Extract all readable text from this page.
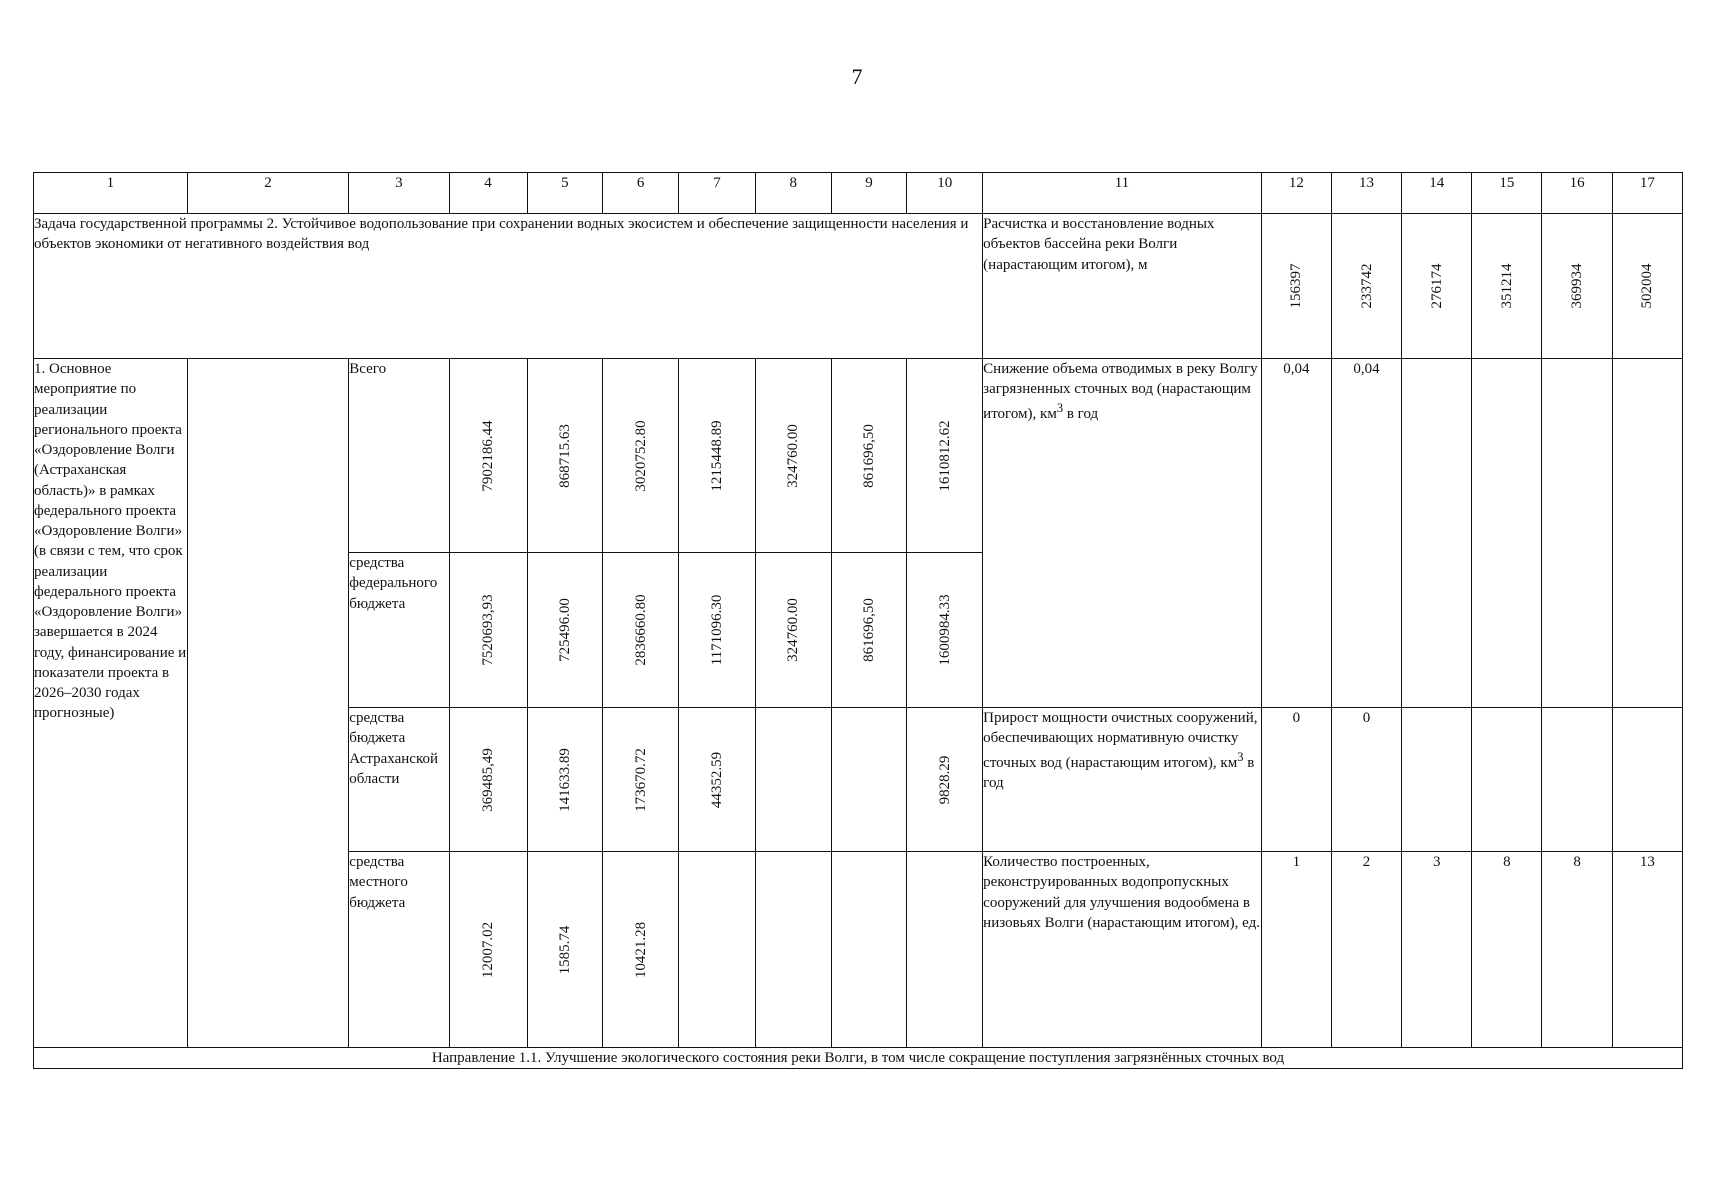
7
1	2	3	4	5	6	7	8	9	10	11	12	13	14	15	16	17
Задача государственной программы 2. Устойчивое водопользование при сохранении водных экосистем и обеспечение защищенности населения и объектов экономики от негативного воздействия вод										Расчистка и восстановление водных объектов бассейна реки Волги (нарастающим итогом), м	156397	233742	276174	351214	369934	502004

1. Основное мероприятие по реализации регионального проекта «Оздоровление Волги (Астраханская область)» в рамках федерального проекта «Оздоровление Волги» (в связи с тем, что срок реализации федерального проекта «Оздоровление Волги» завершается в 2024 году, финансирование и показатели проекта в 2026–2030 годах прогнозные)		Всего	7902186.44	868715.63	3020752.80	1215448.89	324760.00	861696,50	1610812.62	Снижение объема отводимых в реку Волгу загрязненных сточных вод (нарастающим итогом), $км^3$ в год	0,04	0,04				
		средства федерального бюджета	7520693,93	725496.00	2836660.80	1171096.30	324760.00	861696,50	1600984.33							

		средства бюджета Астраханской области	369485,49	141633.89	173670.72	44352.59			9828.29	Прирост мощности очистных сооружений, обеспечивающих нормативную очистку сточных вод (нарастающим итогом), $км^3$ в год	0	0				
		средства местного бюджета	12007.02	1585.74	10421.28					Количество построенных, реконструированных водопропускных сооружений для улучшения водообмена в низовьях Волги (нарастающим итогом), ед.	1	2	3	8	8	13
Направление 1.1. Улучшение экологического состояния реки Волги, в том числе сокращение поступления загрязнённых сточных вод																
